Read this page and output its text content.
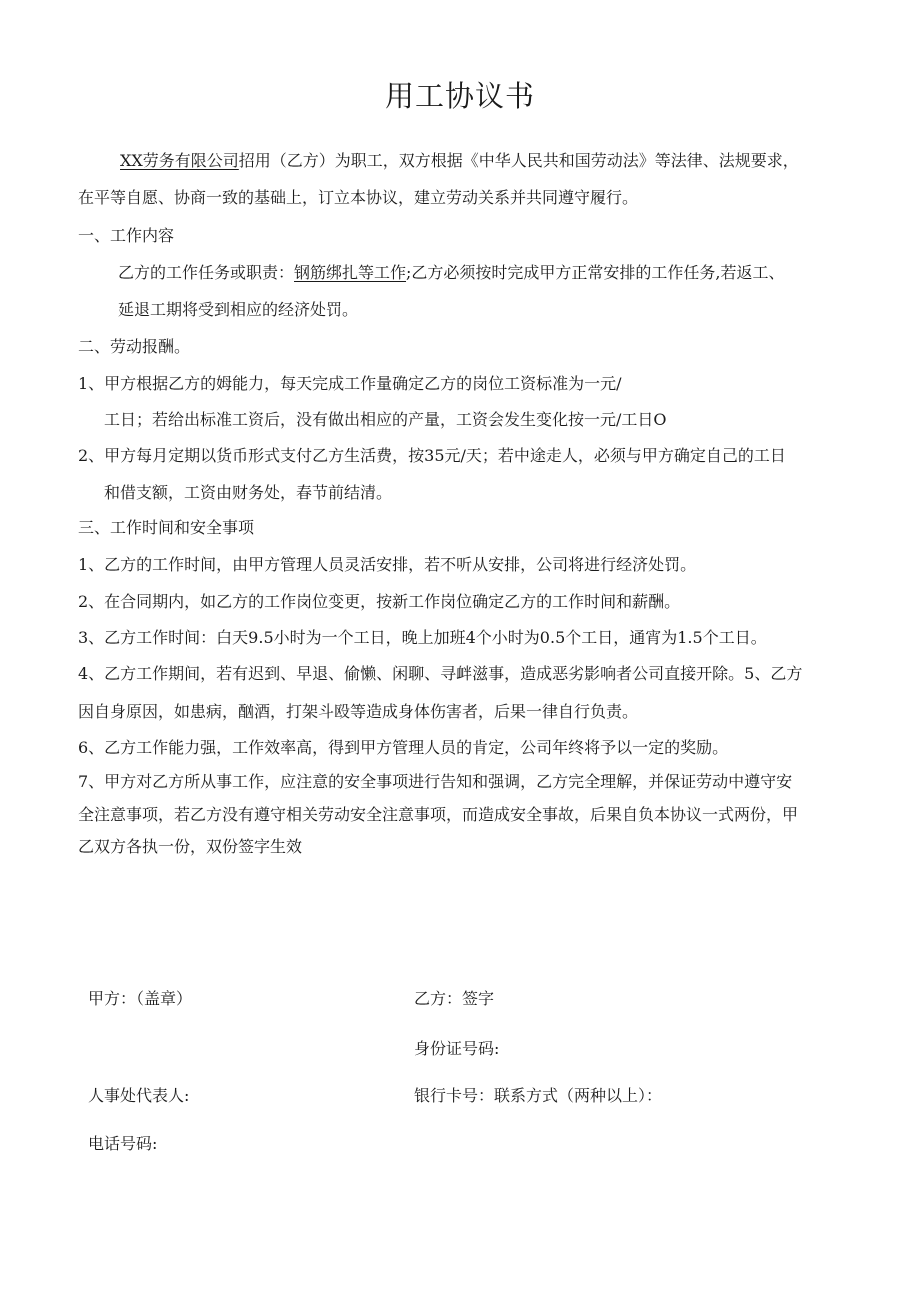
用工协议书
XX劳务有限公司招用（乙方）为职工，双方根据《中华人民共和国劳动法》等法律、法规要求，
在平等自愿、协商一致的基础上，订立本协议，建立劳动关系并共同遵守履行。
一、工作内容
乙方的工作任务或职责：钢筋绑扎等工作;乙方必须按时完成甲方正常安排的工作任务,若返工、
延退工期将受到相应的经济处罚。
二、劳动报酬。
1、甲方根据乙方的姆能力，每天完成工作量确定乙方的岗位工资标准为一元/
工日；若给出标准工资后，没有做出相应的产量，工资会发生变化按一元/工日O
2、甲方每月定期以货币形式支付乙方生活费，按35元/天；若中途走人，必须与甲方确定自己的工日
和借支额，工资由财务处，春节前结清。
三、工作时间和安全事项
1、乙方的工作时间，由甲方管理人员灵活安排，若不听从安排，公司将进行经济处罚。
2、在合同期内，如乙方的工作岗位变更，按新工作岗位确定乙方的工作时间和薪酬。
3、乙方工作时间：白天9.5小时为一个工日，晚上加班4个小时为0.5个工日，通宵为1.5个工日。
4、乙方工作期间，若有迟到、早退、偷懒、闲聊、寻衅滋事，造成恶劣影响者公司直接开除。5、乙方
因自身原因，如患病，酗酒，打架斗殴等造成身体伤害者，后果一律自行负责。
6、乙方工作能力强，工作效率高，得到甲方管理人员的肯定，公司年终将予以一定的奖励。
7、甲方对乙方所从事工作，应注意的安全事项进行告知和强调，乙方完全理解，并保证劳动中遵守安
全注意事项，若乙方没有遵守相关劳动安全注意事项，而造成安全事故，后果自负本协议一式两份，甲
乙双方各执一份，双份签字生效
甲方：（盖章）	乙方：签字
身份证号码:
人事处代表人:	银行卡号：联系方式（两种以上）：
电话号码:
